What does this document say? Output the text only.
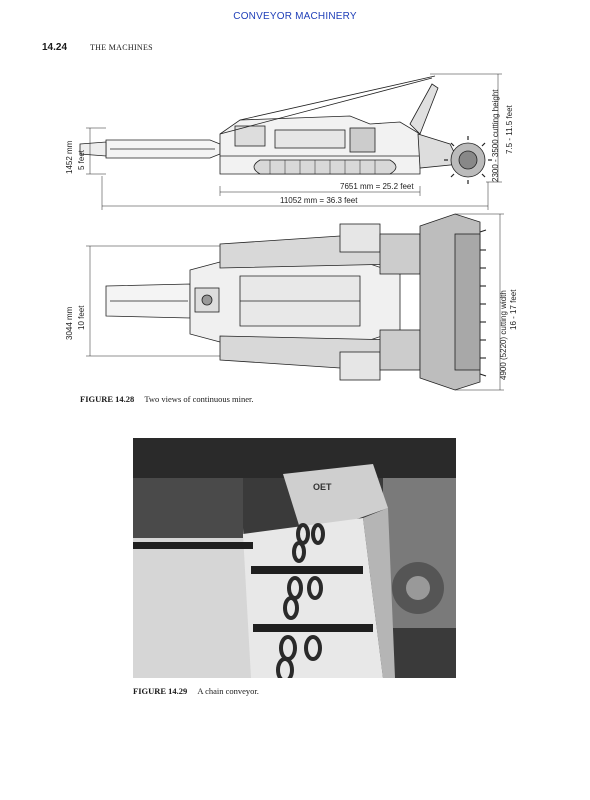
CONVEYOR MACHINERY
14.24	THE MACHINES
1452 mm 5 feet
7651 mm = 25.2 feet
11052 mm = 36.3 feet
2300 - 3500 cutting height 7.5 - 11.5 feet
3044 mm 10 feet	4900 (5220) cutting width 16 - 17 feet
FIGURE 14.28 Two views of continuous miner.
OET
FIGURE 14.29 A chain conveyor.
